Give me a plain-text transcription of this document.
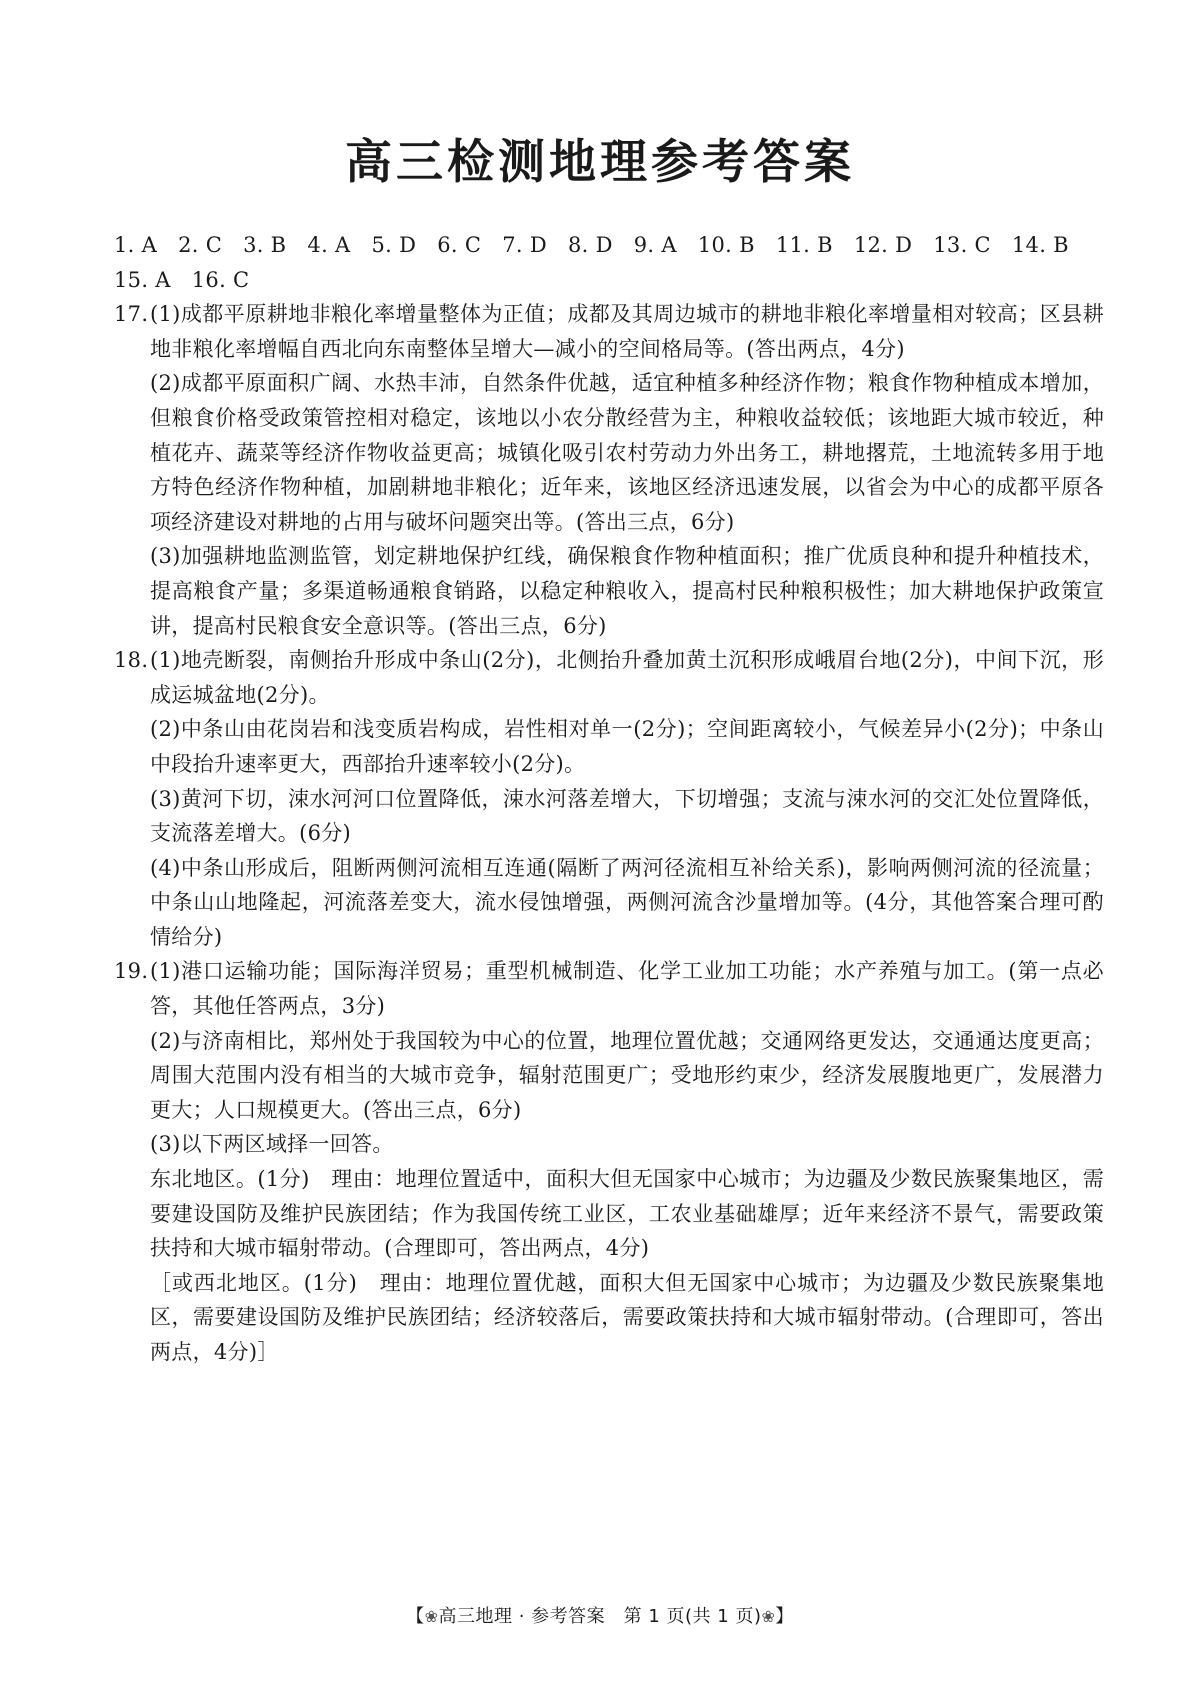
高三检测地理参考答案
1. A 2. C 3. B 4. A 5. D 6. C 7. D 8. D 9. A 10. B 11. B 12. D 13. C 14. B
15. A 16. C
17. (1)成都平原耕地非粮化率增量整体为正值；成都及其周边城市的耕地非粮化率增量相对较高；区县耕地非粮化率增幅自西北向东南整体呈增大—减小的空间格局等。(答出两点，4分)
(2)成都平原面积广阔、水热丰沛，自然条件优越，适宜种植多种经济作物；粮食作物种植成本增加，但粮食价格受政策管控相对稳定，该地以小农分散经营为主，种粮收益较低；该地距大城市较近，种植花卉、蔬菜等经济作物收益更高；城镇化吸引农村劳动力外出务工，耕地撂荒，土地流转多用于地方特色经济作物种植，加剧耕地非粮化；近年来，该地区经济迅速发展，以省会为中心的成都平原各项经济建设对耕地的占用与破坏问题突出等。(答出三点，6分)
(3)加强耕地监测监管，划定耕地保护红线，确保粮食作物种植面积；推广优质良种和提升种植技术，提高粮食产量；多渠道畅通粮食销路，以稳定种粮收入，提高村民种粮积极性；加大耕地保护政策宣讲，提高村民粮食安全意识等。(答出三点，6分)
18. (1)地壳断裂，南侧抬升形成中条山(2分)，北侧抬升叠加黄土沉积形成峨眉台地(2分)，中间下沉，形成运城盆地(2分)。
(2)中条山由花岗岩和浅变质岩构成，岩性相对单一(2分)；空间距离较小，气候差异小(2分)；中条山中段抬升速率更大，西部抬升速率较小(2分)。
(3)黄河下切，涑水河河口位置降低，涑水河落差增大，下切增强；支流与涑水河的交汇处位置降低，支流落差增大。(6分)
(4)中条山形成后，阻断两侧河流相互连通(隔断了两河径流相互补给关系)，影响两侧河流的径流量；中条山山地隆起，河流落差变大，流水侵蚀增强，两侧河流含沙量增加等。(4分，其他答案合理可酌情给分)
19. (1)港口运输功能；国际海洋贸易；重型机械制造、化学工业加工功能；水产养殖与加工。(第一点必答，其他任答两点，3分)
(2)与济南相比，郑州处于我国较为中心的位置，地理位置优越；交通网络更发达，交通通达度更高；周围大范围内没有相当的大城市竞争，辐射范围更广；受地形约束少，经济发展腹地更广，发展潜力更大；人口规模更大。(答出三点，6分)
(3)以下两区域择一回答。
东北地区。(1分)　理由：地理位置适中，面积大但无国家中心城市；为边疆及少数民族聚集地区，需要建设国防及维护民族团结；作为我国传统工业区，工农业基础雄厚；近年来经济不景气，需要政策扶持和大城市辐射带动。(合理即可，答出两点，4分)
［或西北地区。(1分)　理由：地理位置优越，面积大但无国家中心城市；为边疆及少数民族聚集地区，需要建设国防及维护民族团结；经济较落后，需要政策扶持和大城市辐射带动。(合理即可，答出两点，4分)］
【❀高三地理 · 参考答案　第 1 页(共 1 页)❀】
